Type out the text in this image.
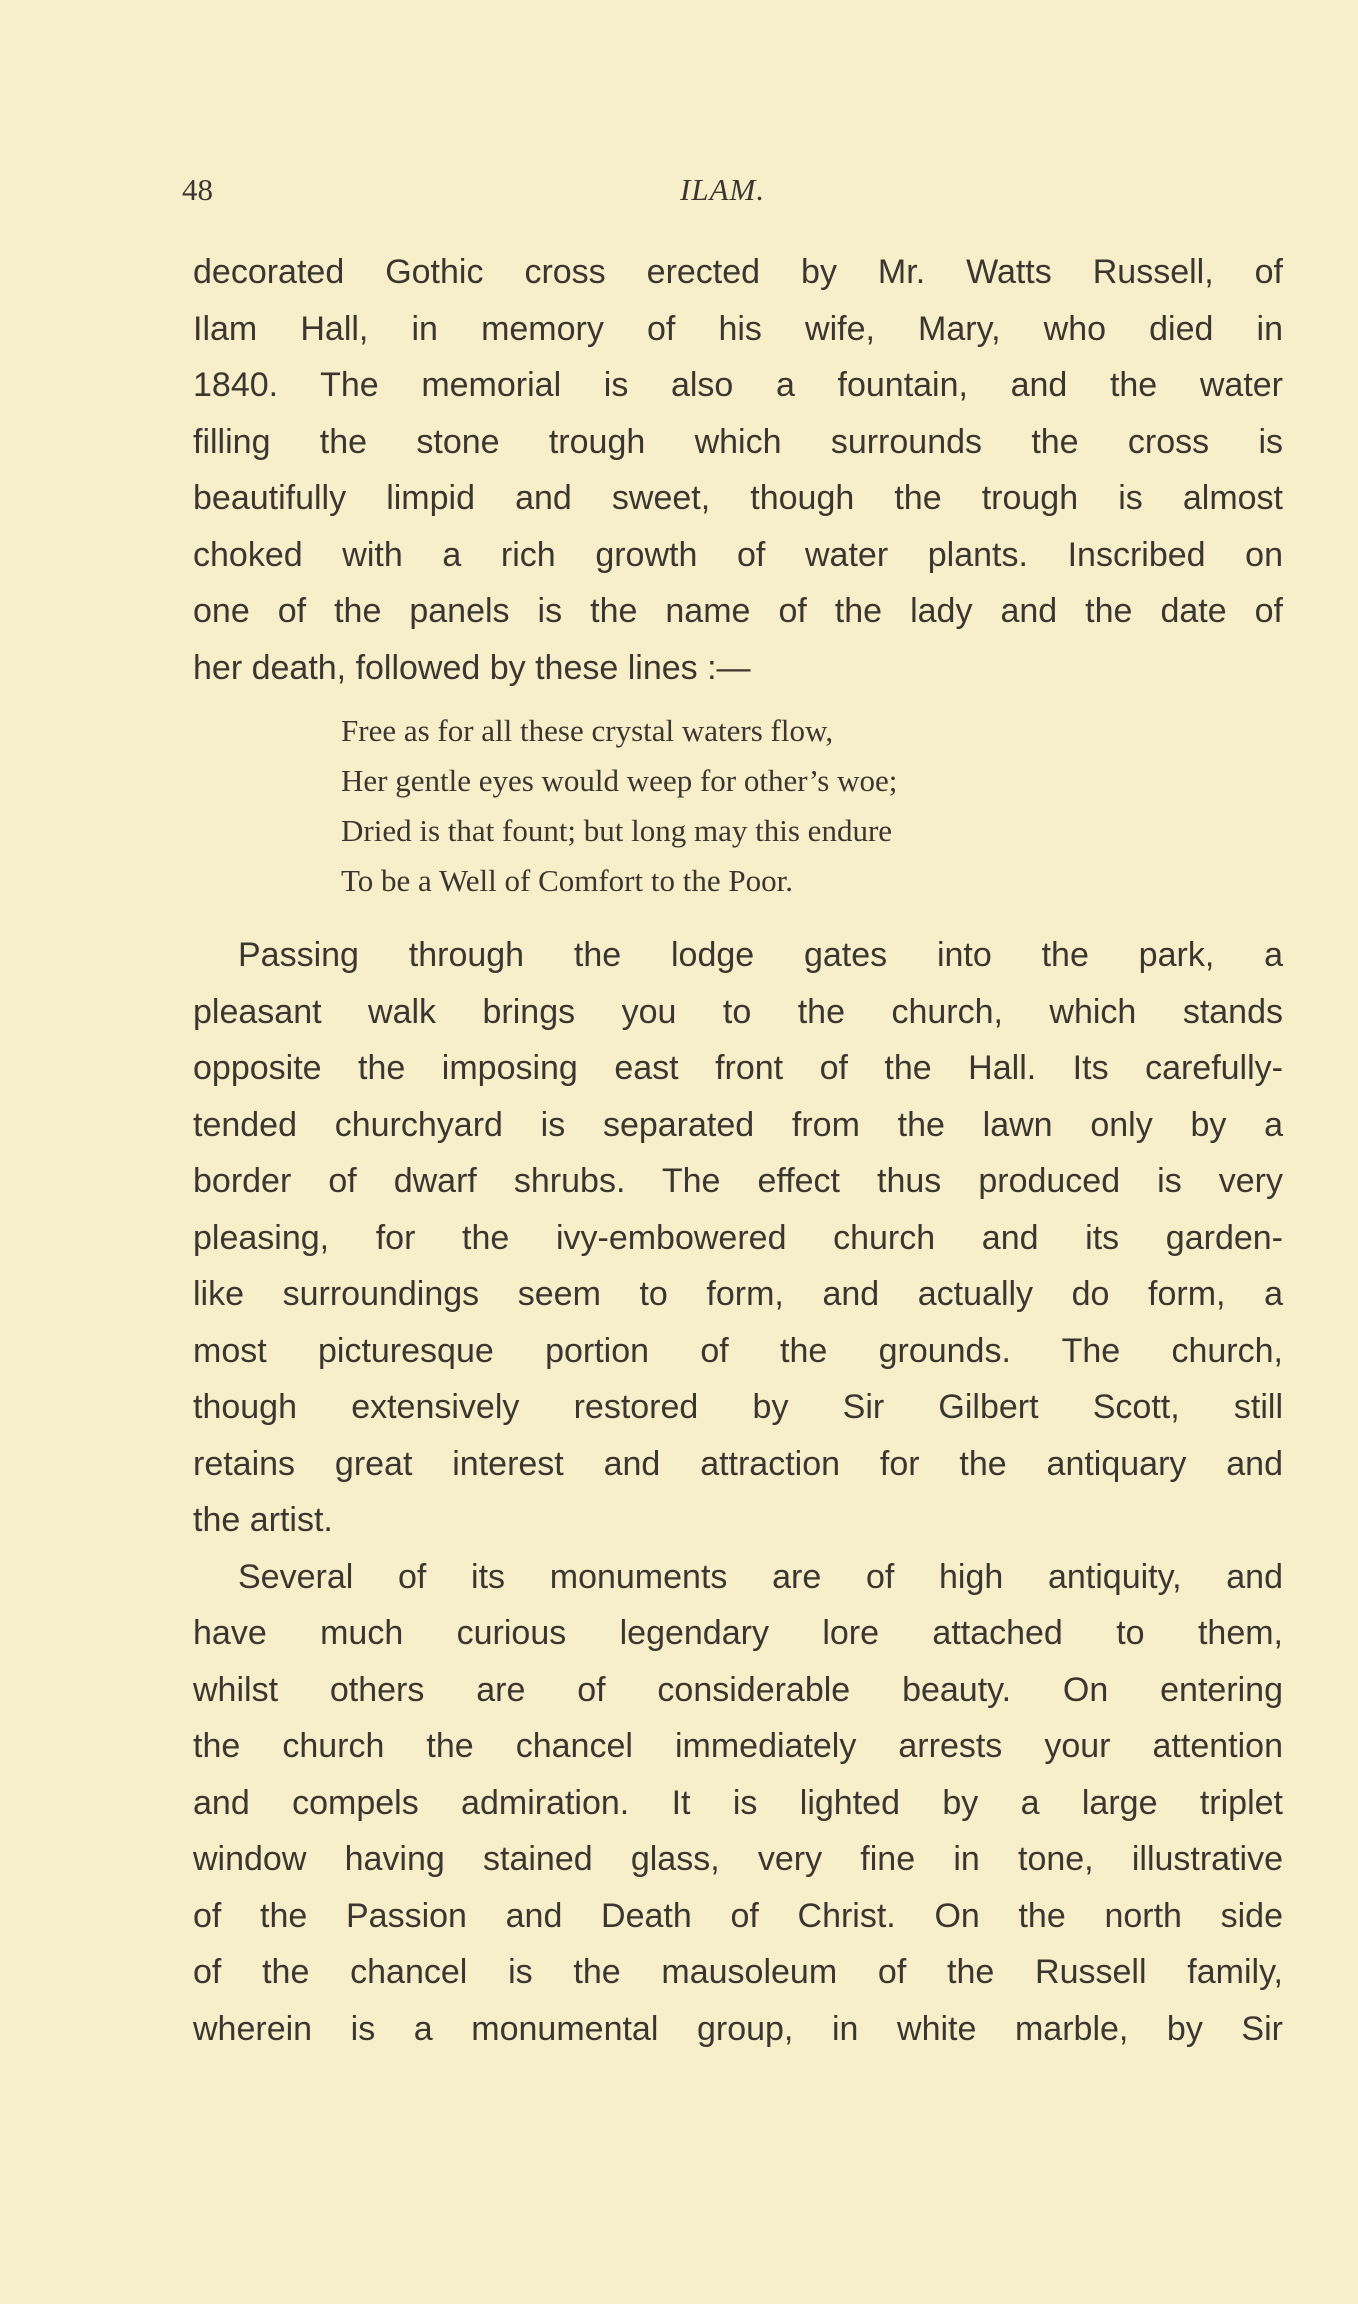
48	ILAM.
decorated Gothic cross erected by Mr. Watts Russell, of
Ilam Hall, in memory of his wife, Mary, who died in
1840. The memorial is also a fountain, and the water
filling the stone trough which surrounds the cross is
beautifully limpid and sweet, though the trough is almost
choked with a rich growth of water plants. Inscribed on
one of the panels is the name of the lady and the date of
her death, followed by these lines :—
Free as for all these crystal waters flow,
Her gentle eyes would weep for other’s woe;
Dried is that fount; but long may this endure
To be a Well of Comfort to the Poor.
Passing through the lodge gates into the park, a
pleasant walk brings you to the church, which stands
opposite the imposing east front of the Hall. Its carefully-
tended churchyard is separated from the lawn only by a
border of dwarf shrubs. The effect thus produced is very
pleasing, for the ivy-embowered church and its garden-
like surroundings seem to form, and actually do form, a
most picturesque portion of the grounds. The church,
though extensively restored by Sir Gilbert Scott, still
retains great interest and attraction for the antiquary and
the artist.
Several of its monuments are of high antiquity, and
have much curious legendary lore attached to them,
whilst others are of considerable beauty. On entering
the church the chancel immediately arrests your attention
and compels admiration. It is lighted by a large triplet
window having stained glass, very fine in tone, illustrative
of the Passion and Death of Christ. On the north side
of the chancel is the mausoleum of the Russell family,
wherein is a monumental group, in white marble, by Sir
